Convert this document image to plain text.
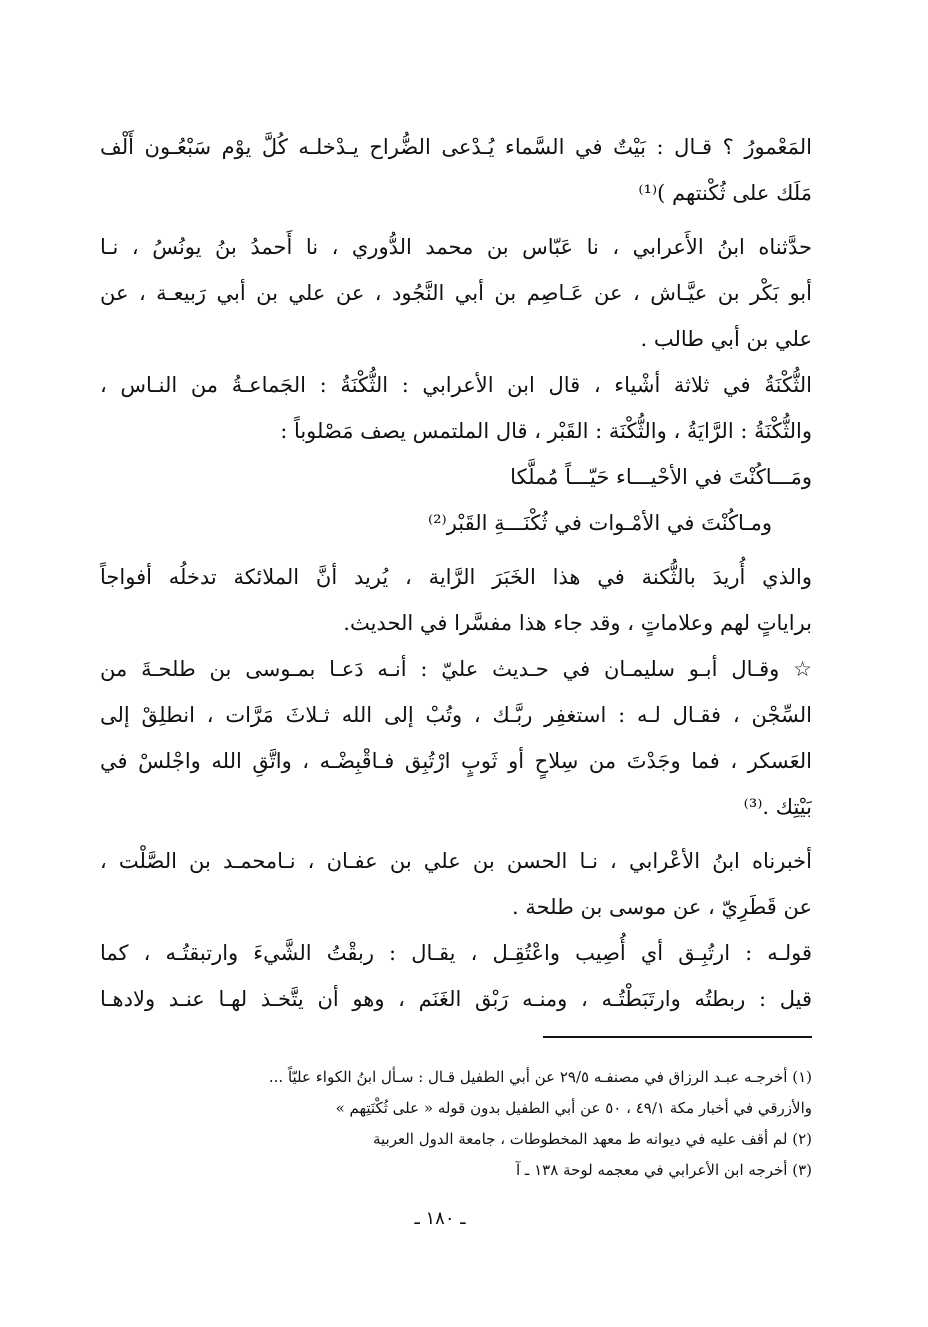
المَعْمورُ ؟ قـال : بَيْتٌ في السَّماء يُـدْعى الضُّراح يـدْخلـه كُلَّ يوْم سَبْعُـون أَلْف
مَلَك على ثُكْنتهم )⁽¹⁾
حدَّثناه ابنُ الأَعرابي ، نا عَبّاس بن محمد الدُّوري ، نا أَحمدُ بنُ يونُسُ ، نـا
أبو بَكْر بن عيَّـاش ، عن عَـاصِم بن أبي النَّجُود ، عن علي بن أبي رَبيعـة ، عن
علي بن أبي طالب .
الثُّكْنَةُ في ثلاثة أشْياء ، قال ابن الأعرابي : الثُّكْنَةُ : الجَماعـةُ من النـاس ،
والثُّكْنَةُ : الرَّايَةُ ، والثُّكْنَة : القَبْر ، قال الملتمس يصف مَصْلوباً :
ومَـــاكُنْتَ في الأحْيـــاء حَيّـــاً مُملَّكا
ومـاكُنْتَ في الأمْـوات في ثُكْنَـــةِ القَبْر⁽²⁾
والذي أُريدَ بالثُّكنة في هذا الخَبَرَ الرَّاية ، يُريد أنَّ الملائكة تدخلُه أفواجاً
براياتٍ لهم وعلاماتٍ ، وقد جاء هذا مفسَّرا في الحديث.
☆ وقـال أبـو سليمـان في حـديث عليّ : أنـه دَعـا بمـوسى بن طلحـةَ من
السِّجْن ، فقـال لـه : استغفِر ربَّـك ، وتُبْ إلى الله ثـلاثَ مَرَّات ، انطلِقْ إلى
العَسكر ، فما وجَدْتَ من سِلاحٍ أو ثَوبٍ ارْتُبِق فـاقْبِضْـه ، واتَّقِ الله واجْلسْ في
بَيْتِك .⁽³⁾
أخبرناه ابنُ الأعْرابي ، نـا الحسن بن علي بن عفـان ، نـامحمـد بن الصَّلْت ،
عن قَطَرِيّ ، عن موسى بن طلحة .
قولـه : ارتُبِـق أي أُصِيب واعْتُقِـل ، يقـال : ربقْتُ الشَّيءَ وارتبقتُـه ، كما
قيل : ربطتُه وارتَبَطْتُـه ، ومنـه رَبْق الغَنَم ، وهو أن يتَّخـذ لهـا عنـد ولادهـا
(١) أخرجـه عبـد الرزاق في مصنفـه ٢٩/٥ عن أبي الطفيل قـال : سـأل ابنُ الكواء عليّاً ...
والأزرقي في أخبار مكة ٤٩/١ ، ٥٠ عن أبي الطفيل بدون قوله « على ثُكْنَتِهم »
(٢) لم أقف عليه في ديوانه ط معهد المخطوطات ، جامعة الدول العربية
(٣) أخرجه ابن الأعرابي في معجمه لوحة ١٣٨ ـ آ
ـ ١٨٠ ـ
